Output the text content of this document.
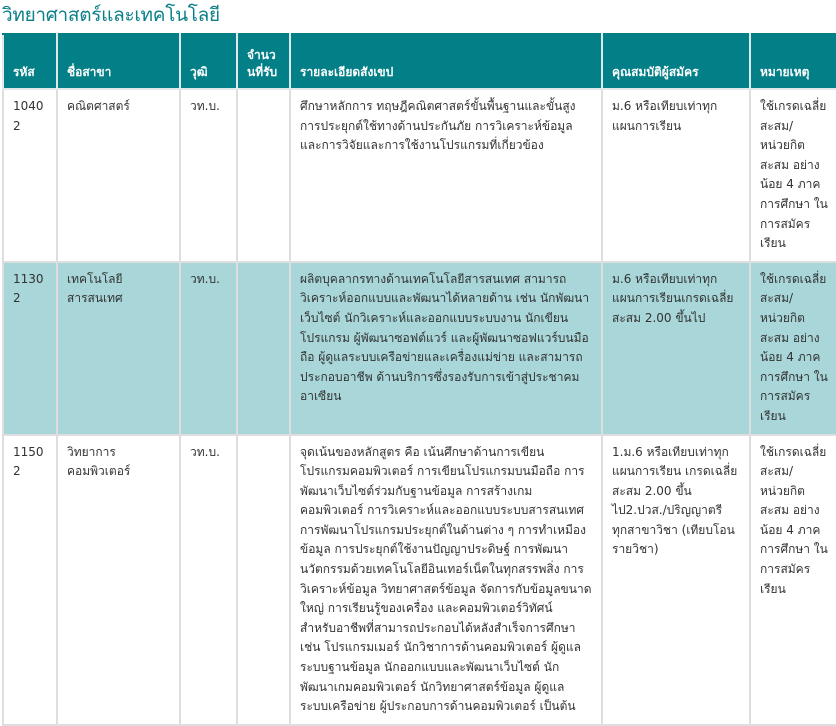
วิทยาศาสตร์และเทคโนโลยี
รหัส	ชื่อสาขา	วุฒิ	จำนวนที่รับ	รายละเอียดสังเขป	คุณสมบัติผู้สมัคร	หมายเหตุ
10402	คณิตศาสตร์	วท.บ.		ศึกษาหลักการ ทฤษฎีคณิตศาสตร์ขั้นพื้นฐานและขั้นสูง การประยุกต์ใช้ทางด้านประกันภัย การวิเคราะห์ข้อมูลและการวิจัยและการใช้งานโปรแกรมที่เกี่ยวข้อง	ม.6 หรือเทียบเท่าทุกแผนการเรียน	ใช้เกรดเฉลี่ยสะสม/หน่วยกิตสะสม อย่างน้อย 4 ภาคการศึกษา ในการสมัครเรียน
11302	เทคโนโลยีสารสนเทศ	วท.บ.		ผลิตบุคลากรทางด้านเทคโนโลยีสารสนเทศ สามารถวิเคราะห์ออกแบบและพัฒนาได้หลายด้าน เช่น นักพัฒนาเว็บไซต์ นักวิเคราะห์และออกแบบระบบงาน นักเขียนโปรแกรม ผู้พัฒนาซอฟต์แวร์ และผู้พัฒนาซอฟแวร์บนมือถือ ผู้ดูแลระบบเครือข่ายและเครื่องแม่ข่าย และสามารถประกอบอาชีพ ด้านบริการซึ่งรองรับการเข้าสู่ประชาคมอาเซียน	ม.6 หรือเทียบเท่าทุกแผนการเรียนเกรดเฉลี่ยสะสม 2.00 ขึ้นไป	ใช้เกรดเฉลี่ยสะสม/หน่วยกิตสะสม อย่างน้อย 4 ภาคการศึกษา ในการสมัครเรียน
11502	วิทยาการคอมพิวเตอร์	วท.บ.		จุดเน้นของหลักสูตร คือ เน้นศึกษาด้านการเขียนโปรแกรมคอมพิวเตอร์ การเขียนโปรแกรมบนมือถือ การพัฒนาเว็บไซต์ร่วมกับฐานข้อมูล การสร้างเกมคอมพิวเตอร์ การวิเคราะห์และออกแบบระบบสารสนเทศ การพัฒนาโปรแกรมประยุกต์ในด้านต่าง ๆ การทำเหมืองข้อมูล การประยุกต์ใช้งานปัญญาประดิษฐ์ การพัฒนานวัตกรรมด้วยเทคโนโลยีอินเทอร์เน็ตในทุกสรรพสิ่ง การวิเคราะห์ข้อมูล วิทยาศาสตร์ข้อมูล จัดการกับข้อมูลขนาดใหญ่ การเรียนรู้ของเครื่อง และคอมพิวเตอร์วิทัศน์ สำหรับอาชีพที่สามารถประกอบได้หลังสำเร็จการศึกษา เช่น โปรแกรมเมอร์ นักวิชาการด้านคอมพิวเตอร์ ผู้ดูแลระบบฐานข้อมูล นักออกแบบและพัฒนาเว็บไซต์ นักพัฒนาเกมคอมพิวเตอร์ นักวิทยาศาสตร์ข้อมูล ผู้ดูแลระบบเครือข่าย ผู้ประกอบการด้านคอมพิวเตอร์ เป็นต้น	1.ม.6 หรือเทียบเท่าทุกแผนการเรียน เกรดเฉลี่ยสะสม 2.00 ขึ้นไป2.ปวส./ปริญญาตรี ทุกสาขาวิชา (เทียบโอนรายวิชา)	ใช้เกรดเฉลี่ยสะสม/หน่วยกิตสะสม อย่างน้อย 4 ภาคการศึกษา ในการสมัครเรียน
